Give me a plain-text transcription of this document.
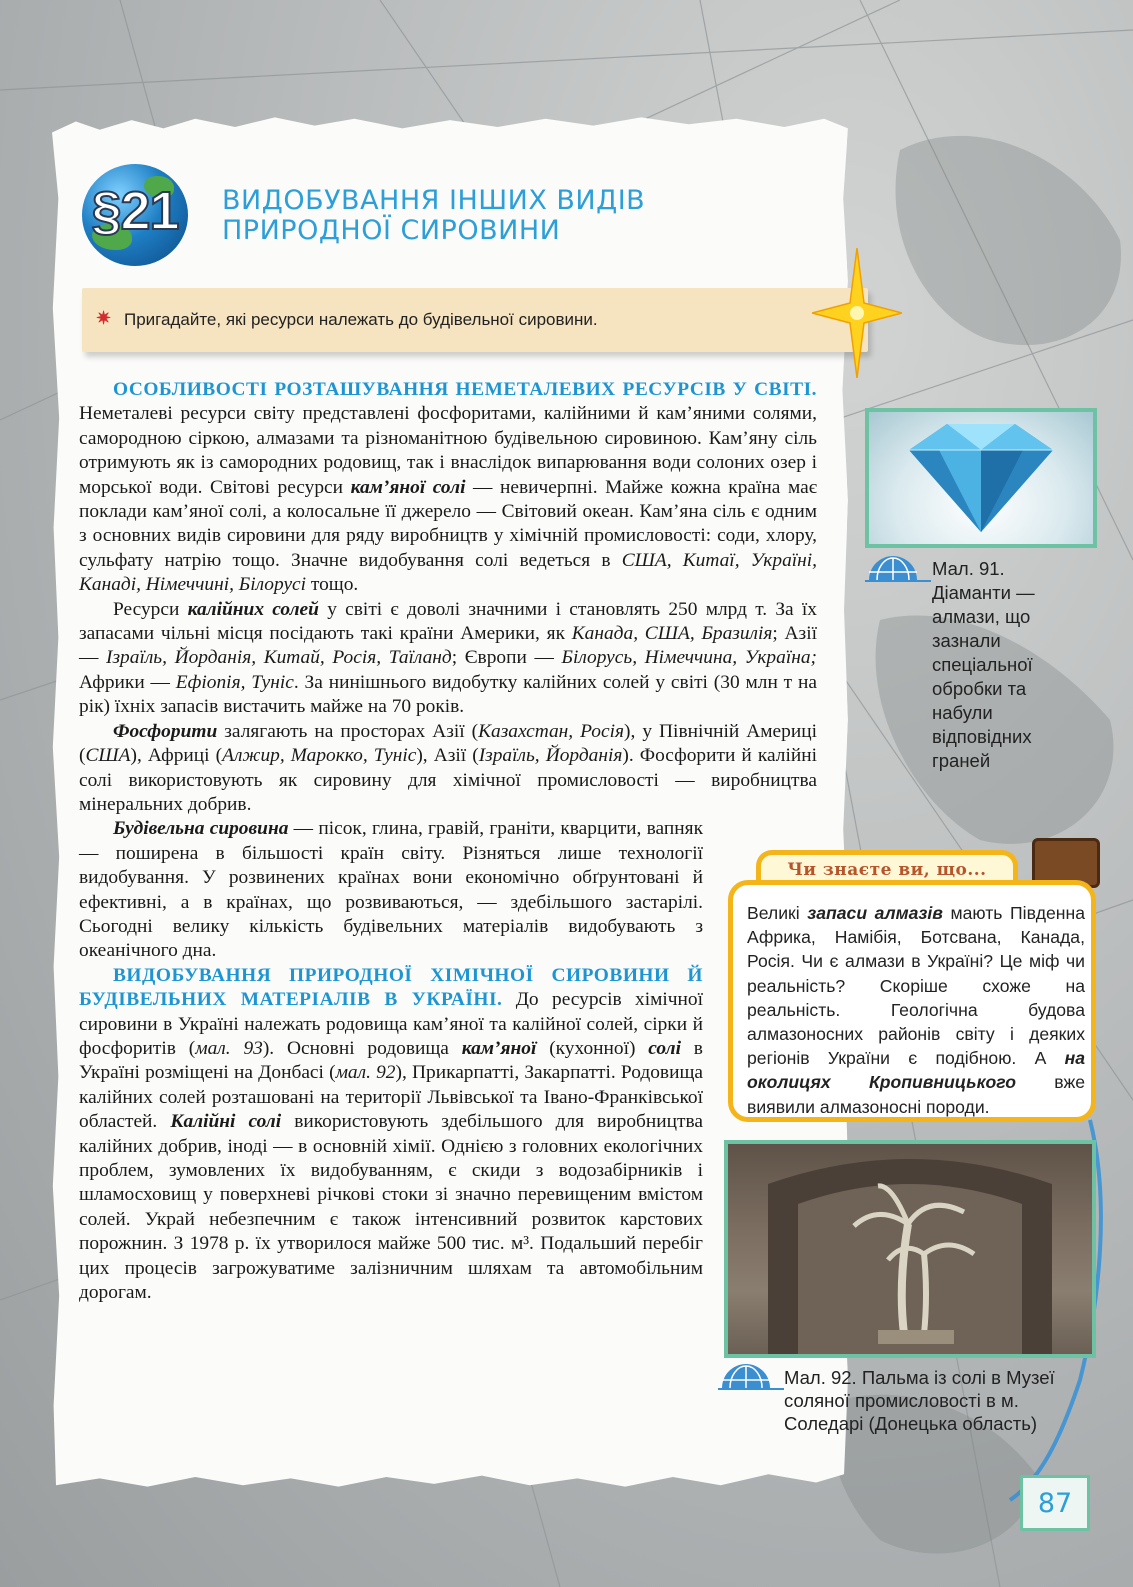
§21	ВИДОБУВАННЯ ІНШИХ ВИДІВ
ПРИРОДНОЇ СИРОВИНИ
✷ Пригадайте, які ресурси належать до будівельної сировини.

ОСОБЛИВОСТІ РОЗТАШУВАННЯ НЕМЕТАЛЕВИХ РЕСУРСІВ У СВІТІ. Неметалеві ресурси світу представлені фосфоритами, калійними й кам’яними солями, самородною сіркою, алмазами та різноманітною будівельною сировиною. Кам’яну сіль отримують як із самородних родовищ, так і внаслідок випарювання води солоних озер і морської води. Світові ресурси кам’яної солі — невичерпні. Майже кожна країна має поклади кам’яної солі, а колосальне її джерело — Світовий океан. Кам’яна сіль є одним з основних видів сировини для ряду виробництв у хімічній промисловості: соди, хлору, сульфату натрію тощо. Значне видобування солі ведеться в США, Китаї, Україні, Канаді, Німеччині, Білорусі тощо.

Ресурси калійних солей у світі є доволі значними і становлять 250 млрд т. За їх запасами чільні місця посідають такі країни Америки, як Канада, США, Бразилія; Азії — Ізраїль, Йорданія, Китай, Росія, Таїланд; Європи — Білорусь, Німеччина, Україна; Африки — Ефіопія, Туніс. За нинішнього видобутку калійних солей у світі (30 млн т на рік) їхніх запасів вистачить майже на 70 років.

Фосфорити залягають на просторах Азії (Казахстан, Росія), у Північній Америці (США), Африці (Алжир, Марокко, Туніс), Азії (Ізраїль, Йорданія). Фосфорити й калійні солі використовують як сировину для хімічної промисловості — виробництва мінеральних добрив.

Будівельна сировина — пісок, глина, гравій, граніти, кварцити, вапняк — поширена в більшості країн світу. Різняться лише технології видобування. У розвинених країнах вони економічно обґрунтовані й ефективні, а в країнах, що розвиваються, — здебільшого застарілі. Сьогодні велику кількість будівельних матеріалів видобувають з океанічного дна.

ВИДОБУВАННЯ ПРИРОДНОЇ ХІМІЧНОЇ СИРОВИНИ Й БУДІВЕЛЬНИХ МАТЕРІАЛІВ В УКРАЇНІ. До ресурсів хімічної сировини в Україні належать родовища кам’яної та калійної солей, сірки й фосфоритів (мал. 93). Основні родовища кам’яної (кухонної) солі в Україні розміщені на Донбасі (мал. 92), Прикарпатті, Закарпатті. Родовища калійних солей розташовані на території Львівської та Івано-Франківської областей. Калійні солі використовують здебільшого для виробництва калійних добрив, іноді — в основній хімії. Однією з головних екологічних проблем, зумовлених їх видобуванням, є скиди з водозабірників і шламосховищ у поверхневі річкові стоки зі значно перевищеним вмістом солей. Украй небезпечним є також інтенсивний розвиток карстових порожнин. З 1978 р. їх утворилося майже 500 тис. м³. Подальший перебіг цих процесів загрожуватиме залізничним шляхам та автомобільним дорогам.

Мал. 91. Діаманти — алмази, що зазнали спеціальної обробки та набули відповідних граней
Чи знаєте ви, що...
Великі запаси алмазів мають Південна Африка, Намібія, Ботсвана, Канада, Росія. Чи є алмази в Україні? Це міф чи реальність? Скоріше схоже на реальність. Геологічна будова алмазоносних районів світу і деяких регіонів України є подібною. А на околицях Кропивницького вже виявили алмазоносні породи.
Мал. 92. Пальма із солі в Музеї соляної промисловості в м. Соледарі (Донецька область)
87
